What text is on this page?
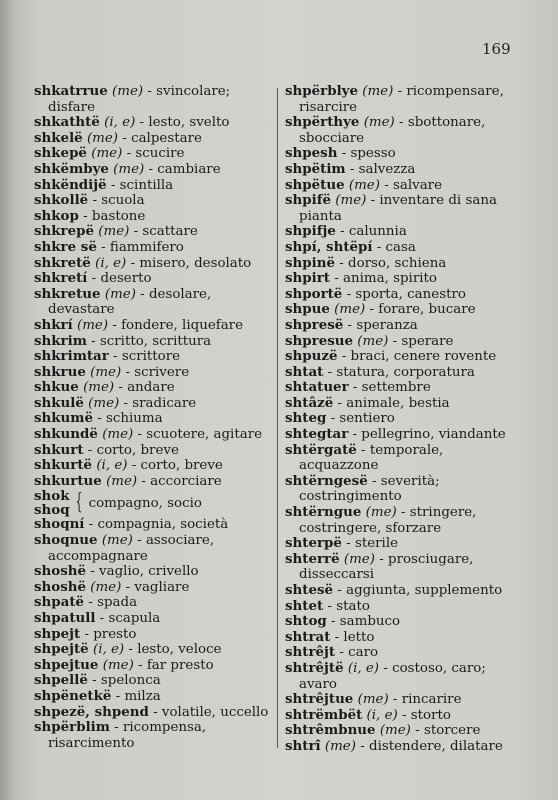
169
shkatrrue (me) - svincolare; disfare
shkathtë (i, e) - lesto, svelto
shkelë (me) - calpestare
shkepë (me) - scucire
shkëmbye (me) - cambiare
shkëndijë - scintilla
shkollë - scuola
shkop - bastone
shkrepë (me) - scattare
shkre së - fiammifero
shkretë (i, e) - misero, desolato
shkretí - deserto
shkretue (me) - desolare, devastare
shkrí (me) - fondere, liquefare
shkrim - scritto, scrittura
shkrimtar - scrittore
shkrue (me) - scrivere
shkue (me) - andare
shkulë (me) - sradicare
shkumë - schiuma
shkundë (me) - scuotere, agitare
shkurt - corto, breve
shkurtë (i, e) - corto, breve
shkurtue (me) - accorciare
shok
shoq { compagno, socio
shoqní - compagnia, società
shoqnue (me) - associare, accompagnare
shoshë - vaglio, crivello
shoshë (me) - vagliare
shpatë - spada
shpatull - scapula
shpejt - presto
shpejtë (i, e) - lesto, veloce
shpejtue (me) - far presto
shpellë - spelonca
shpënetkë - milza
shpezë, shpend - volatile, uccello
shpërblim - ricompensa, risarcimento
shpërblye (me) - ricompensare, risarcire
shpërthye (me) - sbottonare, sbocciare
shpesh - spesso
shpëtim - salvezza
shpëtue (me) - salvare
shpifë (me) - inventare di sana pianta
shpifje - calunnia
shpí, shtëpí - casa
shpinë - dorso, schiena
shpirt - anima, spirito
shportë - sporta, canestro
shpue (me) - forare, bucare
shpresë - speranza
shpresue (me) - sperare
shpuzë - braci, cenere rovente
shtat - statura, corporatura
shtatuer - settembre
shtâzë - animale, bestia
shteg - sentiero
shtegtar - pellegrino, viandante
shtërgatë - temporale, acquazzone
shtërngesë - severità; costringimento
shtërngue (me) - stringere, costringere, sforzare
shterpë - sterile
shterrë (me) - prosciugare, disseccarsi
shtesë - aggiunta, supplemento
shtet - stato
shtog - sambuco
shtrat - letto
shtrêjt - caro
shtrêjtë (i, e) - costoso, caro; avaro
shtrêjtue (me) - rincarire
shtrëmbët (i, e) - storto
shtrêmbnue (me) - storcere
shtrî (me) - distendere, dilatare
